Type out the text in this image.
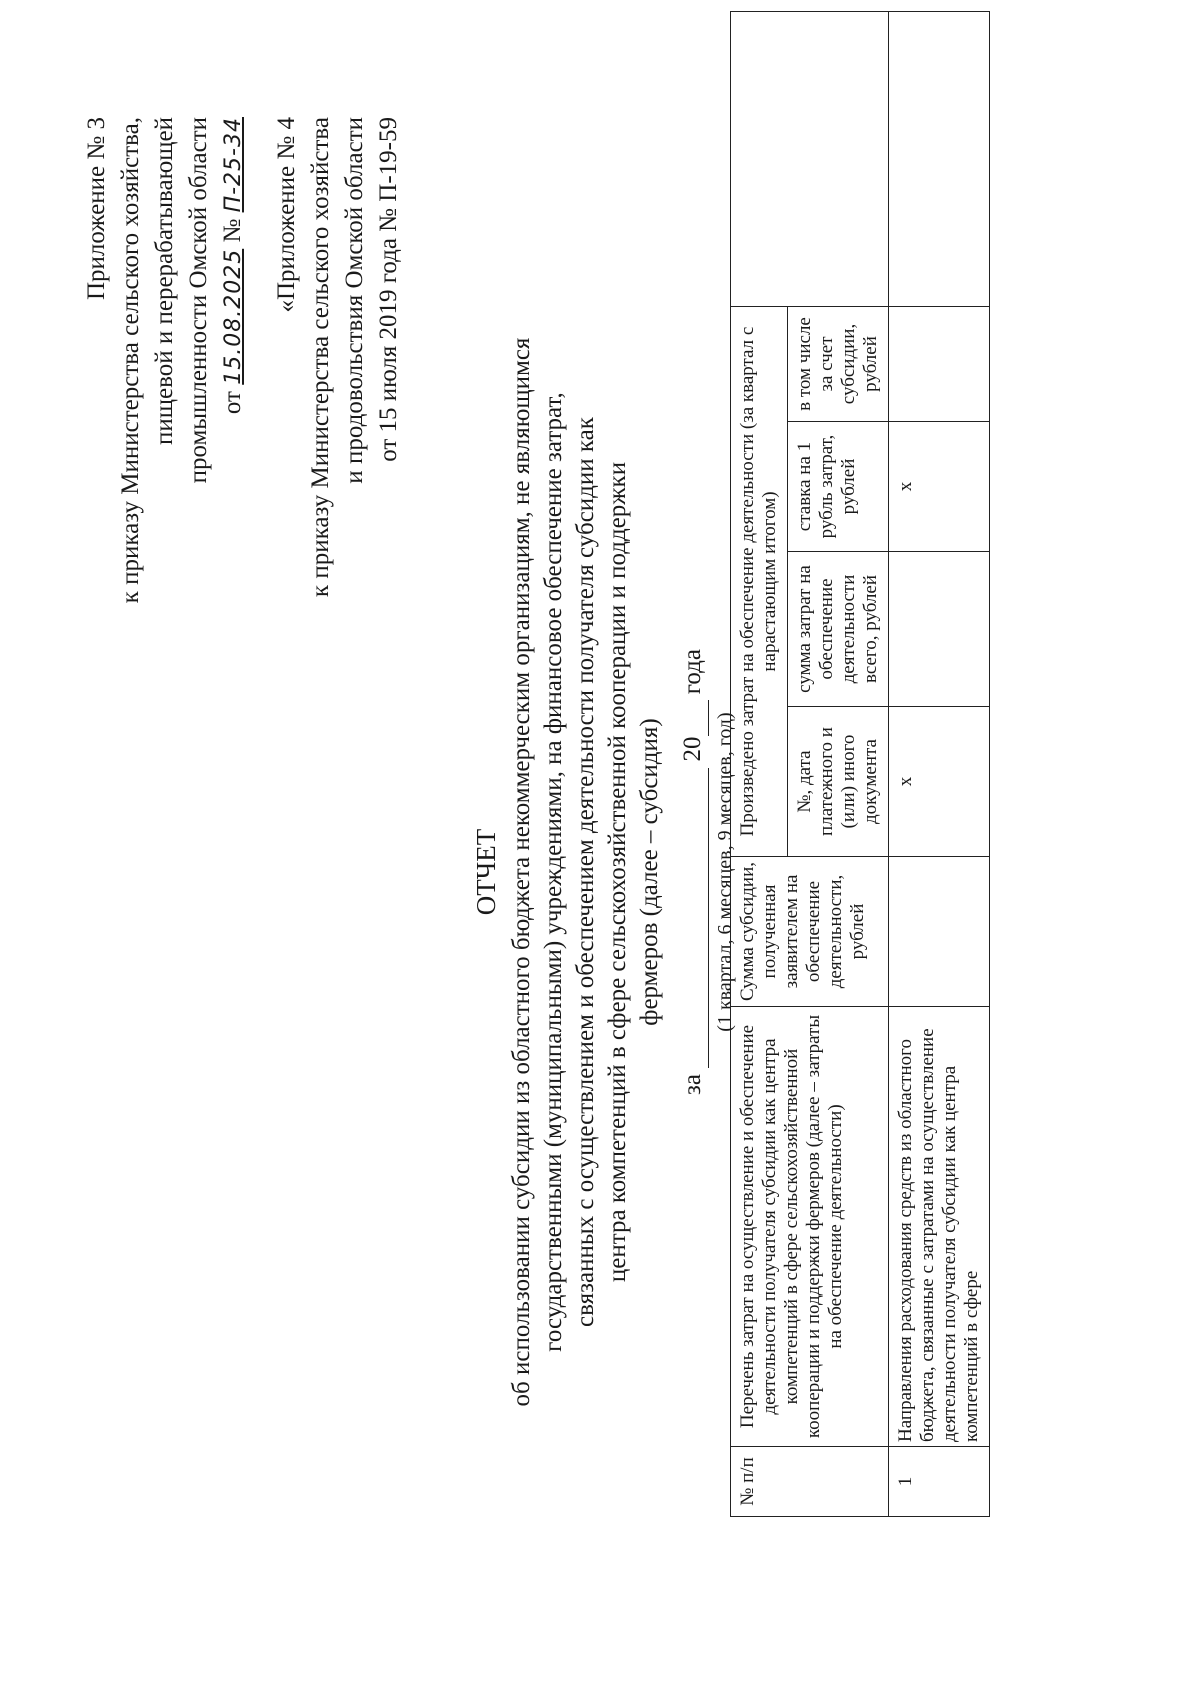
Приложение № 3 к приказу Министерства сельского хозяйства, пищевой и перерабатывающей промышленности Омской области от 15.08.2025 № П-25-34 «Приложение № 4 к приказу Министерства сельского хозяйства и продовольствия Омской области от 15 июля 2019 года № П-19-59
ОТЧЕТ об использовании субсидии из областного бюджета некоммерческим организациям, не являющимся государственными (муниципальными) учреждениями, на финансовое обеспечение затрат, связанных с осуществлением и обеспечением деятельности получателя субсидии как центра компетенций в сфере сельскохозяйственной кооперации и поддержки фермеров (далее – субсидия)
за   20  года
(1 квартал, 6 месяцев, 9 месяцев, год)
№ п/п	Перечень затрат на осуществление и обеспечение деятельности получателя субсидии как центра компетенций в сфере сельскохозяйственной кооперации и поддержки фермеров (далее – затраты на обеспечение деятельности)	Сумма субсидии, полученная заявителем на обеспечение деятельности, рублей	Произведено затрат на обеспечение деятельности (за квартал с нарастающим итогом)				
			№, дата платежного и (или) иного документа	сумма затрат на обеспечение деятельности всего, рублей	ставка на 1 рубль затрат, рублей	в том числе за счет субсидии, рублей	
1	Направления расходования средств из областного бюджета, связанные с затратами на осуществление деятельности получателя субсидии как центра компетенций в сфере		х		х		
